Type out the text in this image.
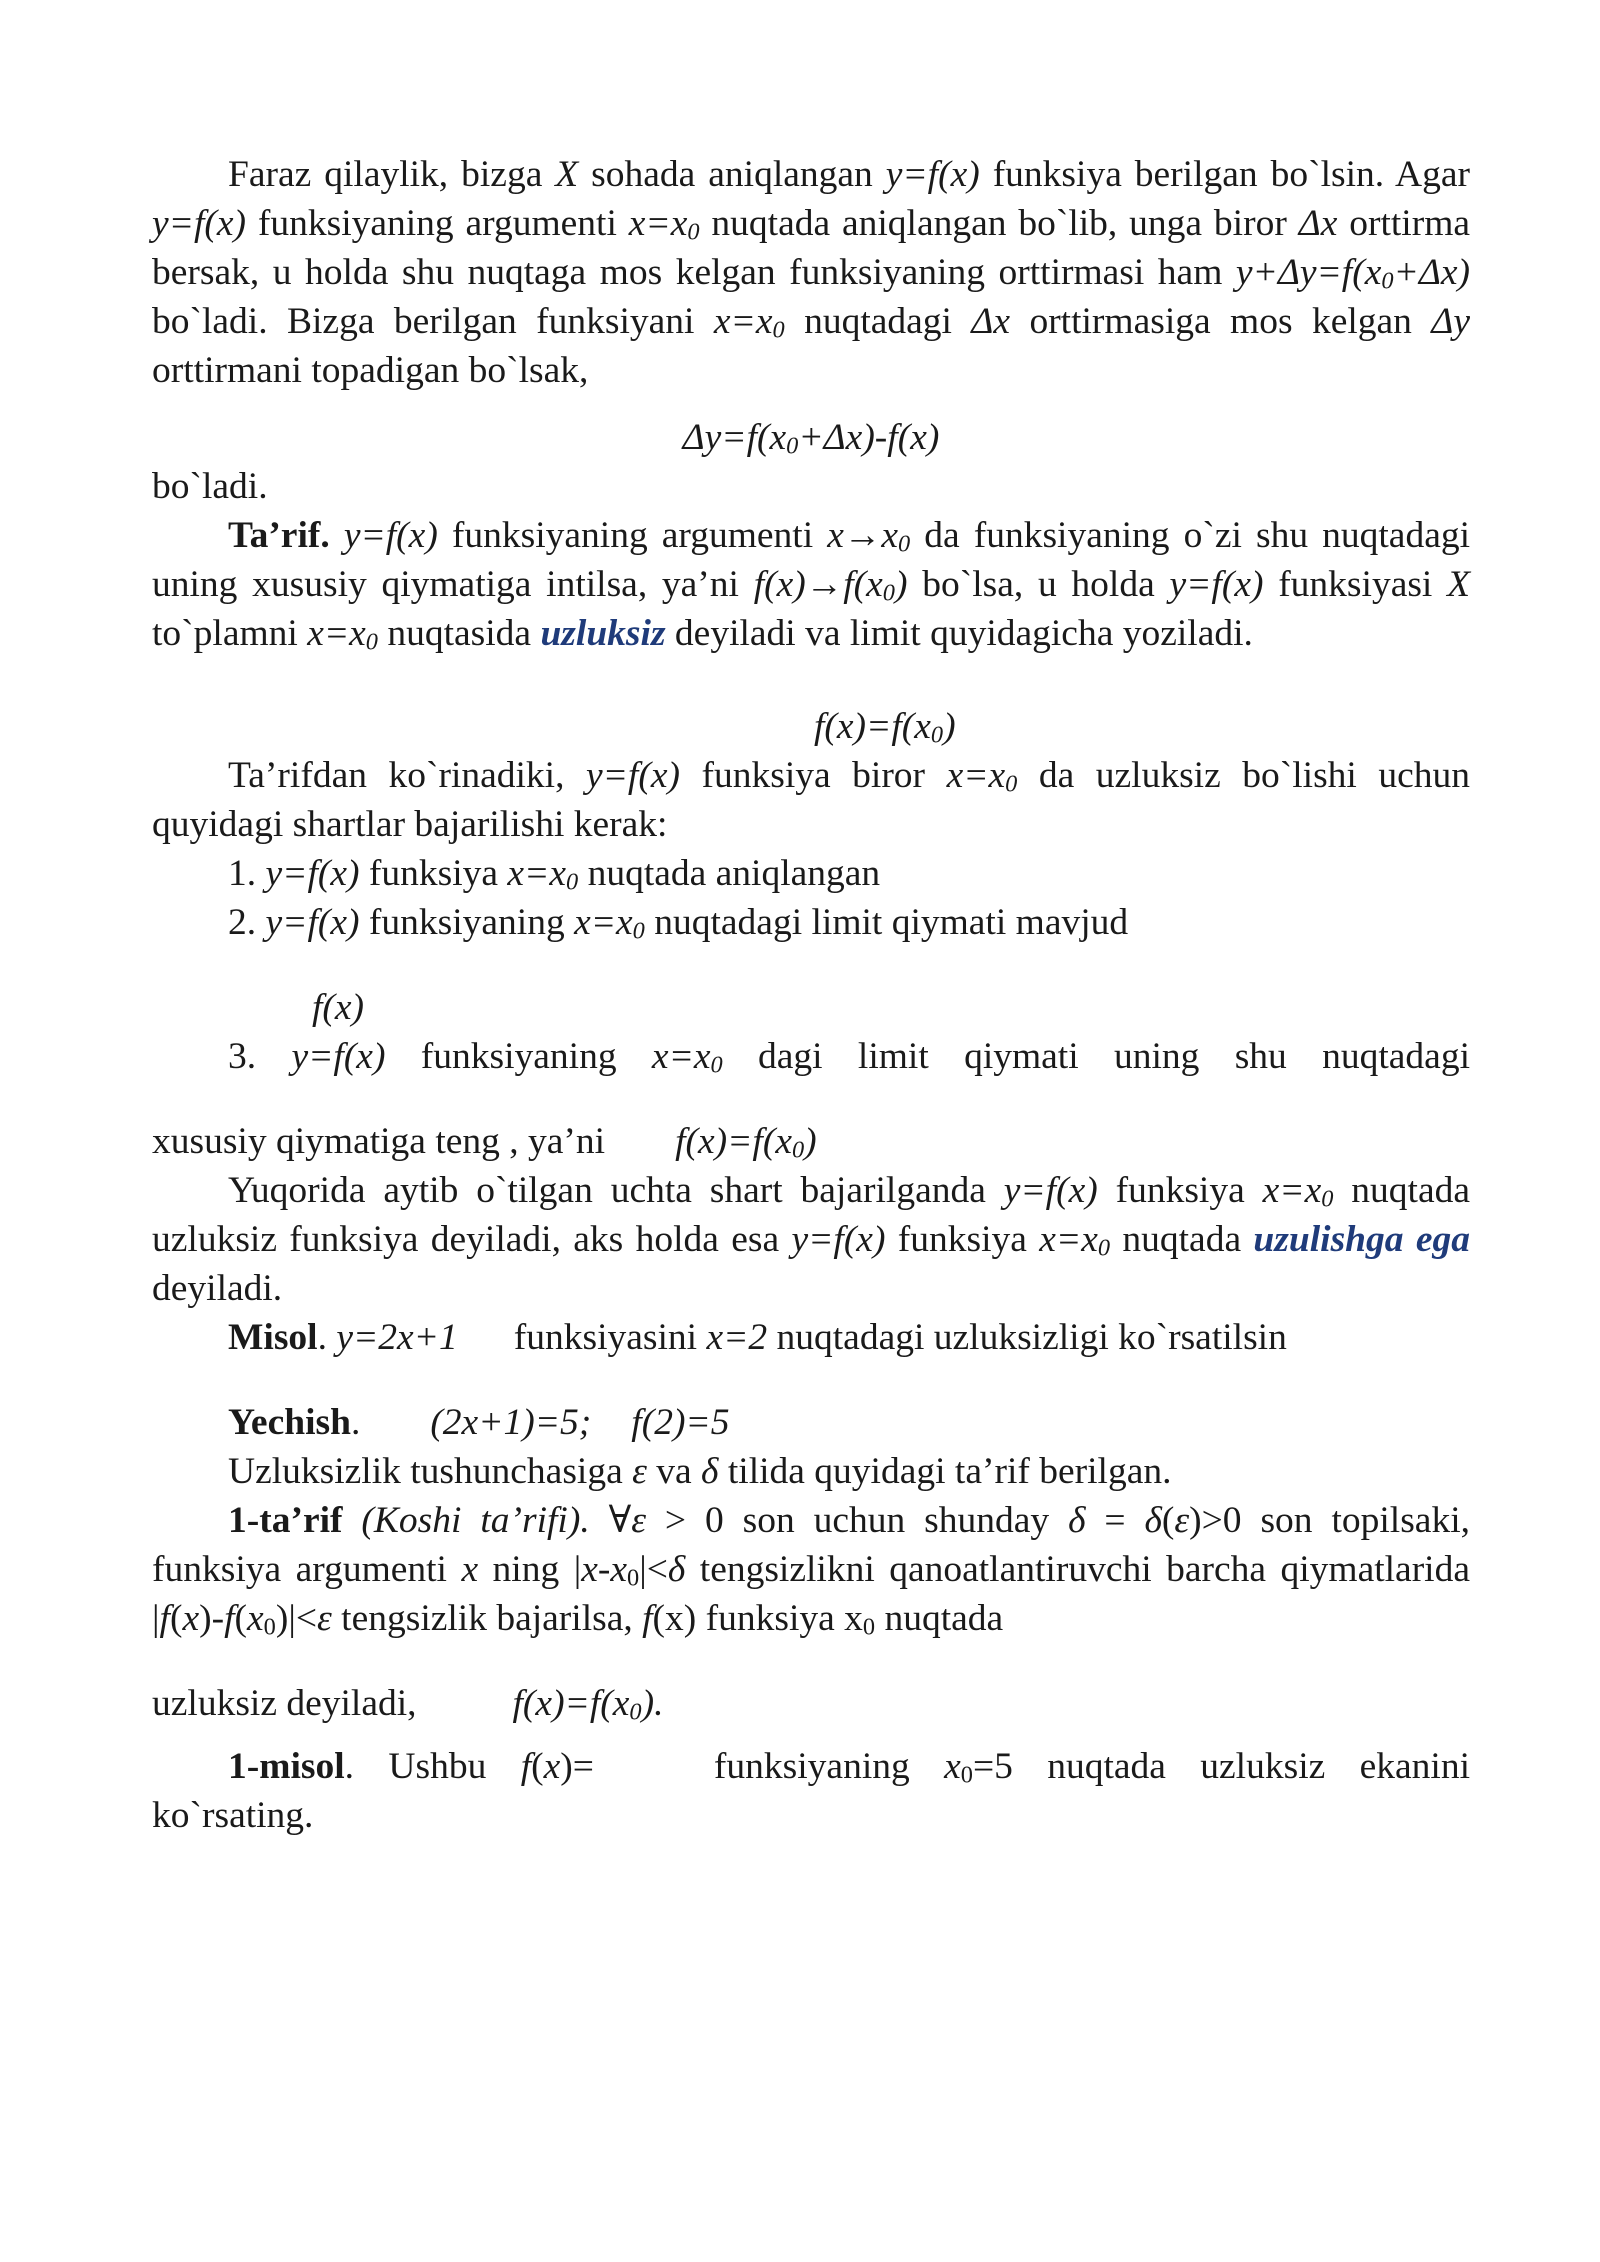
Faraz qilaylik, bizga X sohada aniqlangan y=f(x) funksiya berilgan bo`lsin. Agar y=f(x) funksiyaning argumenti $x=x_0$ nuqtada aniqlangan bo`lib, unga biror Δx orttirma bersak, u holda shu nuqtaga mos kelgan funksiyaning orttirmasi ham $y+\Delta y=f(x_0+\Delta x)$ bo`ladi. Bizga berilgan funksiyani $x=x_0$ nuqtadagi Δx orttirmasiga mos kelgan Δy orttirmani topadigan bo`lsak,

$\Delta y=f(x_0+\Delta x)-f(x)$

bo`ladi.

Ta’rif. y=f(x) funksiyaning argumenti $x\to x_0$ da funksiyaning o`zi shu nuqtadagi uning xususiy qiymatiga intilsa, ya’ni $f(x)\to f(x_0)$ bo`lsa, u holda y=f(x) funksiyasi X to`plamni $x=x_0$ nuqtasida uzluksiz deyiladi va limit quyidagicha yoziladi.

$f(x)=f(x_0)$

Ta’rifdan ko`rinadiki, y=f(x) funksiya biror $x=x_0$ da uzluksiz bo`lishi uchun quyidagi shartlar bajarilishi kerak:

1. y=f(x) funksiya $x=x_0$ nuqtada aniqlangan

2. y=f(x) funksiyaning $x=x_0$ nuqtadagi limit qiymati mavjud

f(x)

3. y=f(x) funksiyaning $x=x_0$ dagi limit qiymati uning shu nuqtadagi

xususiy qiymatiga teng , ya’ni $f(x)=f(x_0)$

Yuqorida aytib o`tilgan uchta shart bajarilganda y=f(x) funksiya $x=x_0$ nuqtada uzluksiz funksiya deyiladi, aks holda esa y=f(x) funksiya $x=x_0$ nuqtada uzulishga ega deyiladi.

Misol. y=2x+1 funksiyasini x=2 nuqtadagi uzluksizligi ko`rsatilsin

Yechish. (2x+1)=5; f(2)=5

Uzluksizlik tushunchasiga ε va δ tilida quyidagi ta’rif berilgan.

1-ta’rif (Koshi ta’rifi). ∀ε > 0 son uchun shunday δ = δ(ε)>0 son topilsaki, funksiya argumenti x ning $|x-x_0|<\delta$ tengsizlikni qanoatlantiruvchi barcha qiymatlarida $|f(x)-f(x_0)|<\varepsilon$ tengsizlik bajarilsa, f(x) funksiya $x_0$ nuqtada

uzluksiz deyiladi,	$f(x)=f(x_0)$.

1-misol. Ushbu f(x)=	funksiyaning $x_0=5$ nuqtada uzluksiz ekanini ko`rsating.
